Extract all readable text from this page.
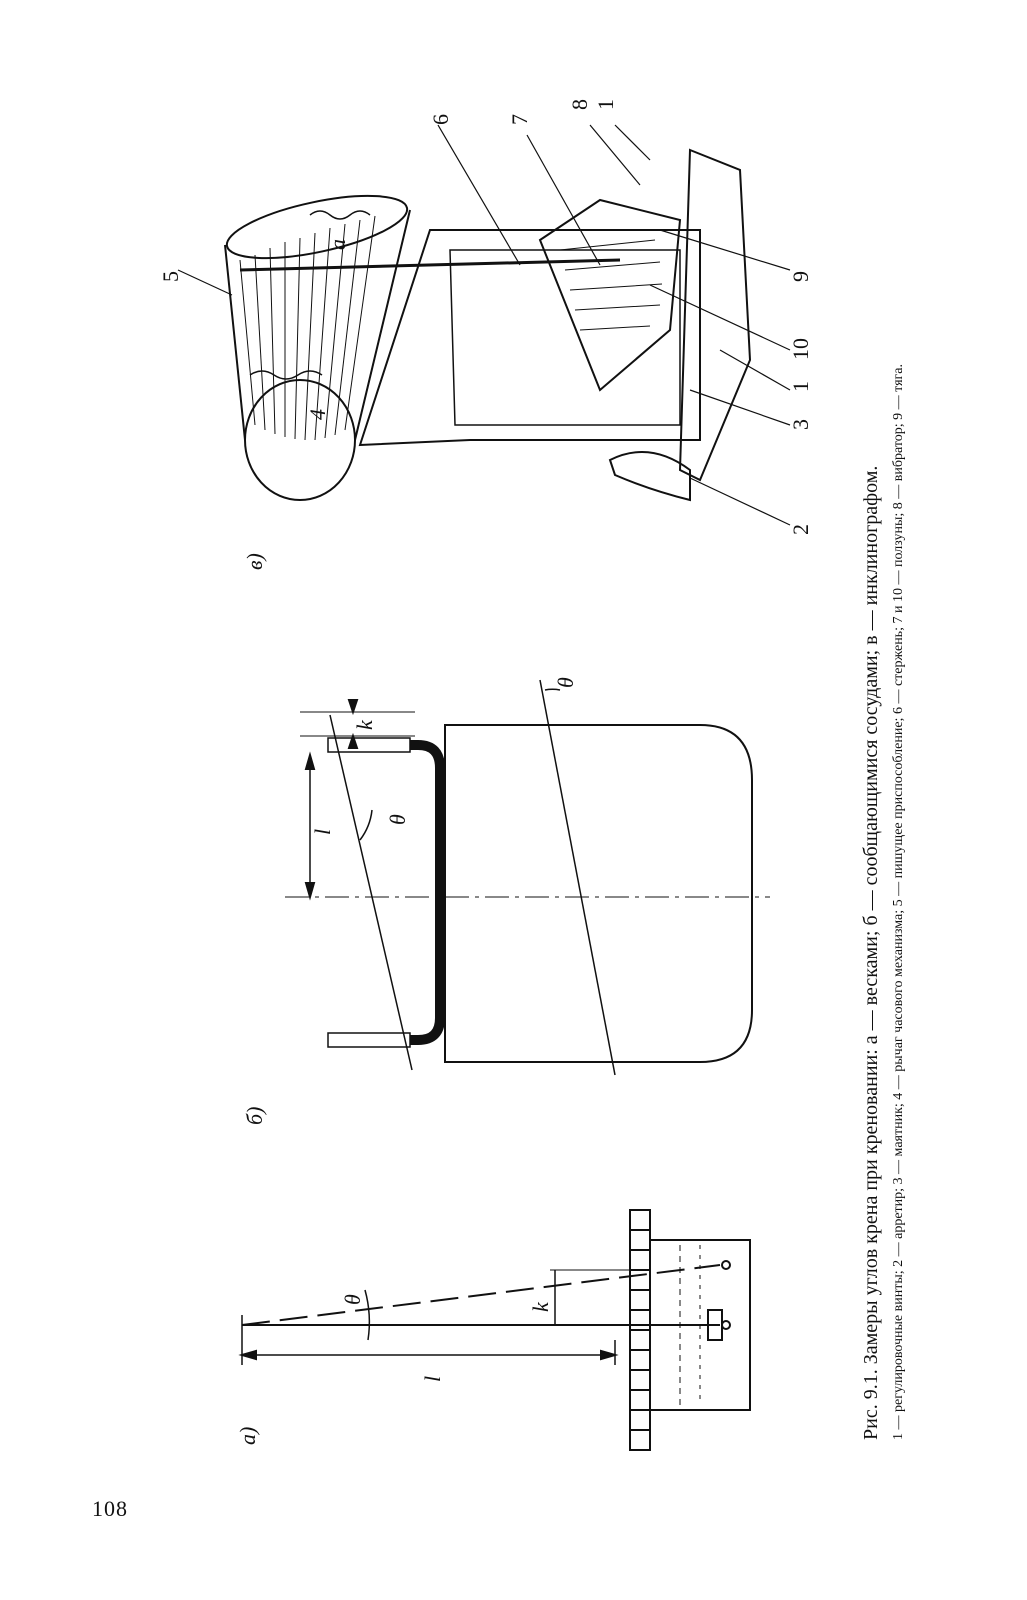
108
а)
l
k
θ
б)
l
k
θ
θ
в)
a
4
5
6 7
8 1
9
10
1
3
2 Рис. 9.1. Замеры углов крена при креновании: а — весками; б — сообщающимися сосудами; в — инклинографом. 1 — регулировочные винты; 2 — арретир; 3 — маятник; 4 — рычаг часового механизма; 5 — пишущее приспособление; 6 — стержень; 7 и 10 — ползуны; 8 — вибратор; 9 — тяга.
